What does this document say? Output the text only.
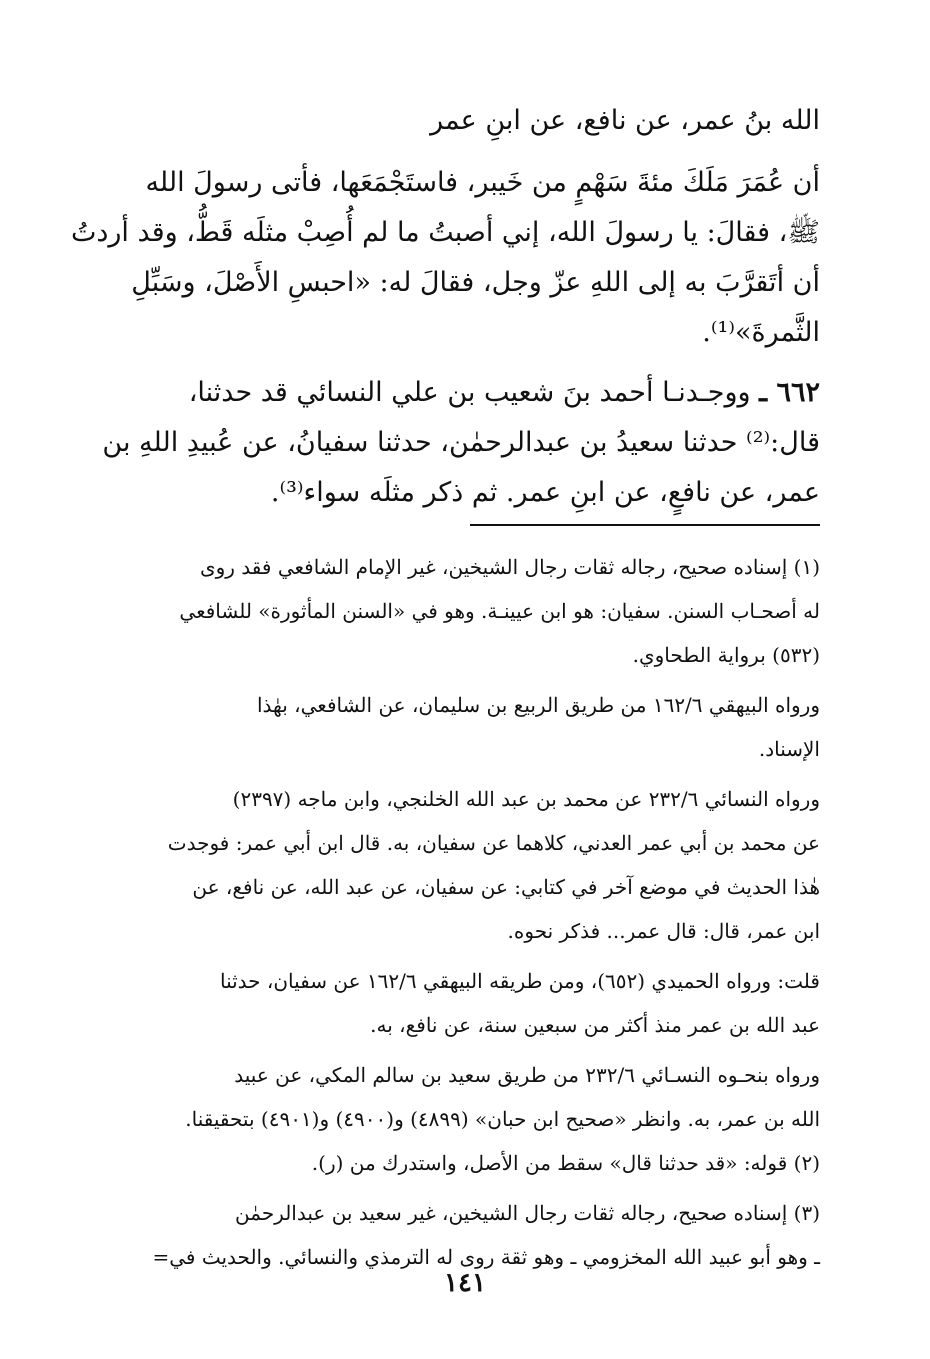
الله بنُ عمر، عن نافع، عن ابنِ عمر
أن عُمَرَ مَلَكَ مئةَ سَهْمٍ من خَيبر، فاستَجْمَعَها، فأتى رسولَ الله
ﷺ، فقالَ: يا رسولَ الله، إني أصبتُ ما لم أُصِبْ مثلَه قَطُّ، وقد أردتُ
أن أتَقرَّبَ به إلى اللهِ عزّ وجل، فقالَ له: «احبسِ الأَصْلَ، وسَبِّلِ
الثَّمرةَ»⁽¹⁾.
٦٦٢ ـ ووجـدنـا أحمد بنَ شعيب بن علي النسائي قد حدثنا،
قال:⁽²⁾ حدثنا سعيدُ بن عبدالرحمٰن، حدثنا سفيانُ، عن عُبيدِ اللهِ بن
عمر، عن نافعٍ، عن ابنِ عمر. ثم ذكر مثلَه سواء⁽³⁾.
(١) إسناده صحيح، رجاله ثقات رجال الشيخين، غير الإمام الشافعي فقد روى
له أصحـاب السنن. سفيان: هو ابن عيينـة. وهو في «السنن المأثورة» للشافعي
(٥٣٢) برواية الطحاوي.
ورواه البيهقي ١٦٢/٦ من طريق الربيع بن سليمان، عن الشافعي، بهٰذا
الإسناد.
ورواه النسائي ٢٣٢/٦ عن محمد بن عبد الله الخلنجي، وابن ماجه (٢٣٩٧)
عن محمد بن أبي عمر العدني، كلاهما عن سفيان، به. قال ابن أبي عمر: فوجدت
هٰذا الحديث في موضع آخر في كتابي: عن سفيان، عن عبد الله، عن نافع، عن
ابن عمر، قال: قال عمر... فذكر نحوه.
قلت: ورواه الحميدي (٦٥٢)، ومن طريقه البيهقي ١٦٢/٦ عن سفيان، حدثنا
عبد الله بن عمر منذ أكثر من سبعين سنة، عن نافع، به.
ورواه بنحـوه النسـائي ٢٣٢/٦ من طريق سعيد بن سالم المكي، عن عبيد
الله بن عمر، به. وانظر «صحيح ابن حبان» (٤٨٩٩) و(٤٩٠٠) و(٤٩٠١) بتحقيقنا.
(٢) قوله: «قد حدثنا قال» سقط من الأصل، واستدرك من (ر).
(٣) إسناده صحيح، رجاله ثقات رجال الشيخين، غير سعيد بن عبدالرحمٰن
ـ وهو أبو عبيد الله المخزومي ـ وهو ثقة روى له الترمذي والنسائي. والحديث في=
١٤١
